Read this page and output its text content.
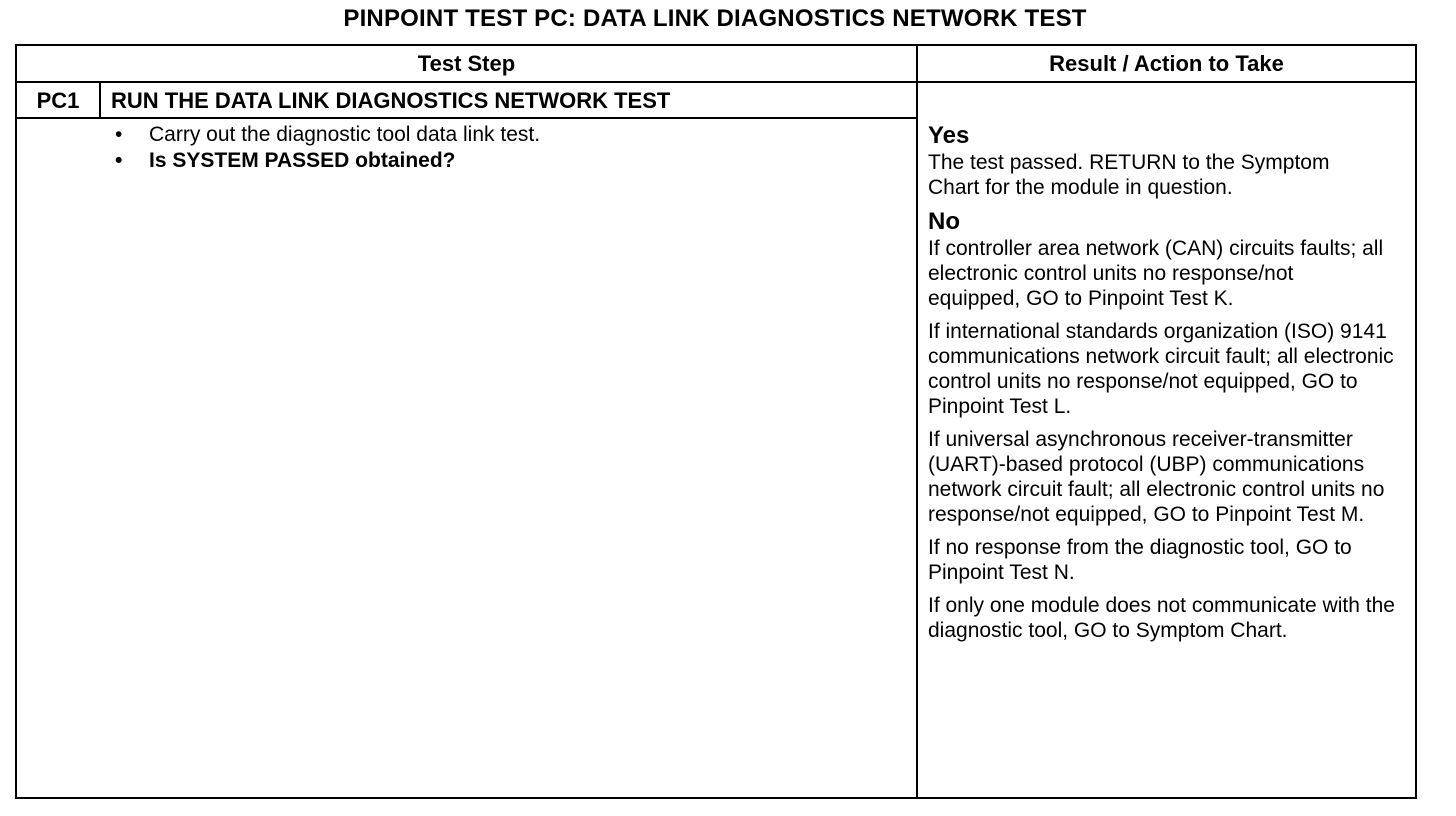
PINPOINT TEST PC: DATA LINK DIAGNOSTICS NETWORK TEST
Test Step	Result / Action to Take
PC1	RUN THE DATA LINK DIAGNOSTICS NETWORK TEST
•	Carry out the diagnostic tool data link test.
•	Is SYSTEM PASSED obtained?
Yes

The test passed. RETURN to the Symptom Chart for the module in question.

No

If controller area network (CAN) circuits faults; all electronic control units no response/not equipped, GO to Pinpoint Test K.

If international standards organization (ISO) 9141 communications network circuit fault; all electronic control units no response/not equipped, GO to Pinpoint Test L.

If universal asynchronous receiver-transmitter (UART)-based protocol (UBP) communications network circuit fault; all electronic control units no response/not equipped, GO to Pinpoint Test M.

If no response from the diagnostic tool, GO to Pinpoint Test N.

If only one module does not communicate with the diagnostic tool, GO to Symptom Chart.
